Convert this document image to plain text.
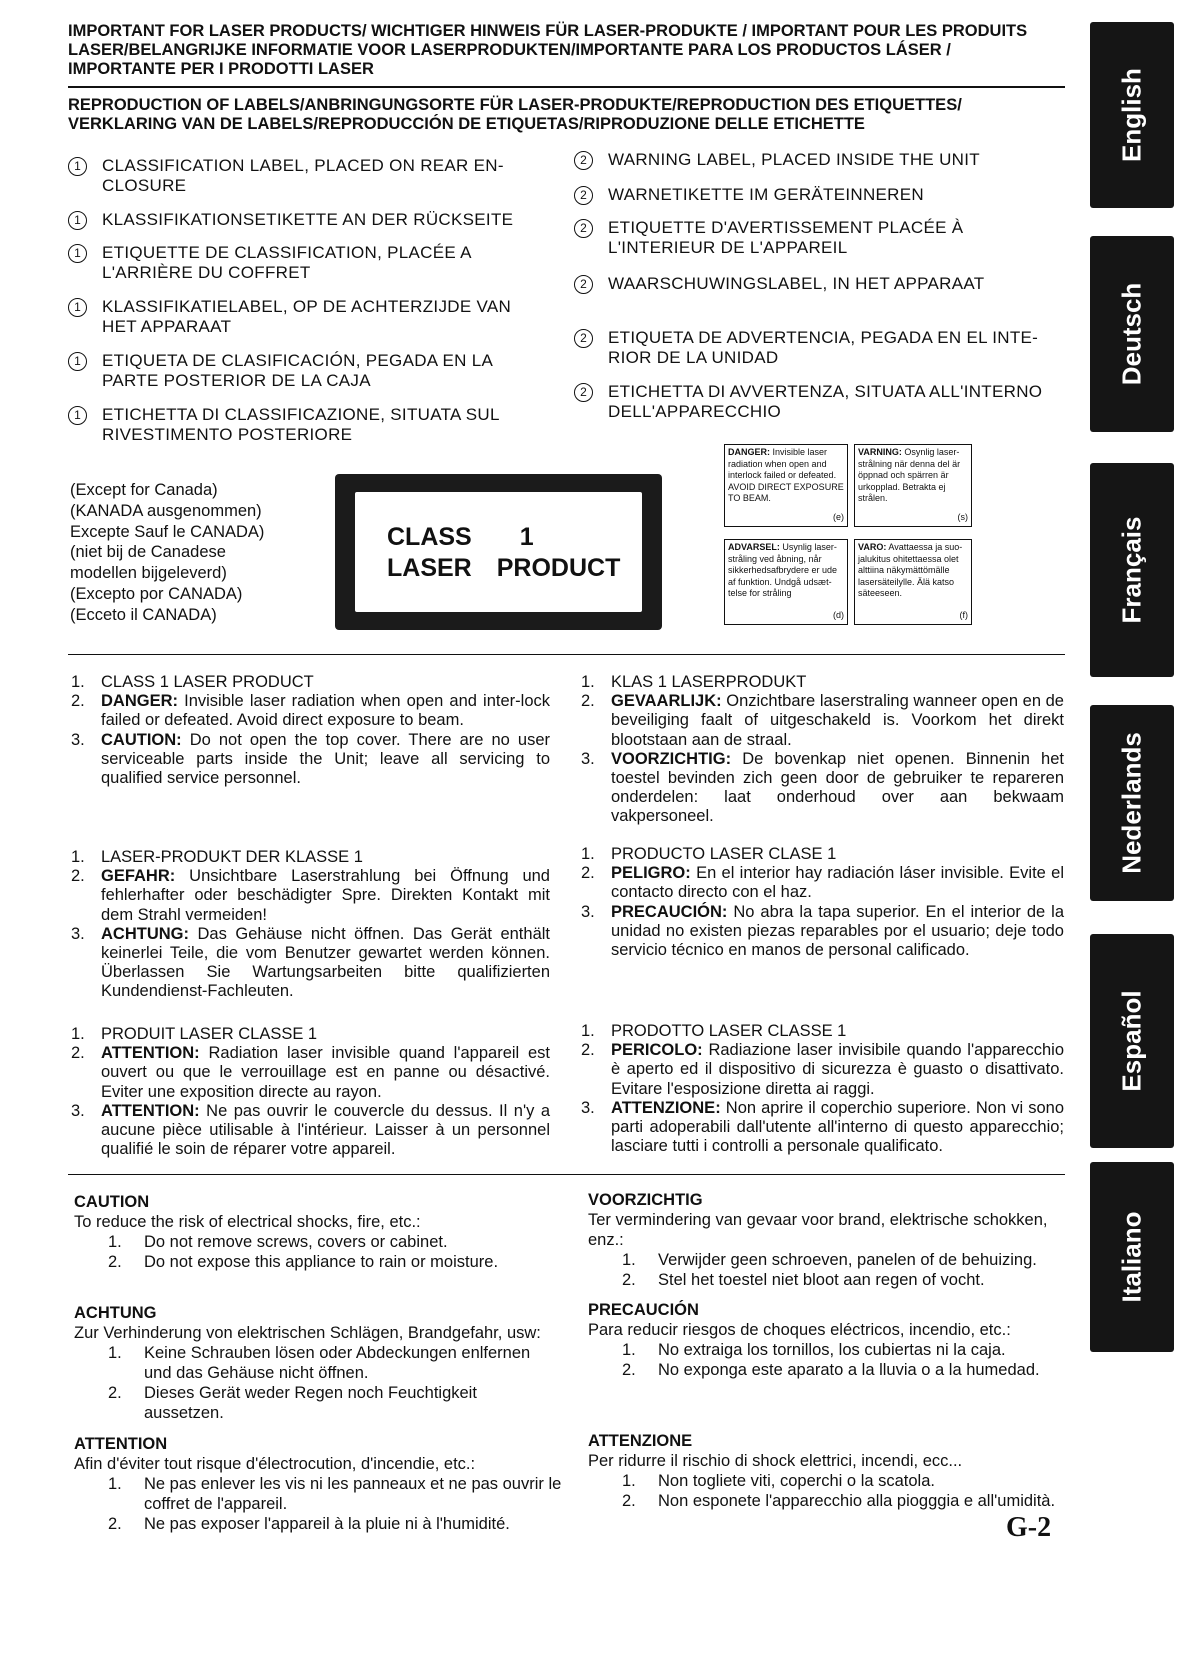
IMPORTANT FOR LASER PRODUCTS/ WICHTIGER HINWEIS FÜR LASER-PRODUKTE / IMPORTANT POUR LES PRODUITS LASER/BELANGRIJKE INFORMATIE VOOR LASERPRODUKTEN/IMPORTANTE PARA LOS PRODUCTOS LÁSER / IMPORTANTE PER I PRODOTTI LASER
REPRODUCTION OF LABELS/ANBRINGUNGSORTE FÜR LASER-PRODUKTE/REPRODUCTION DES ETIQUETTES/ VERKLARING VAN DE LABELS/REPRODUCCIÓN DE ETIQUETAS/RIPRODUZIONE DELLE ETICHETTE
1	CLASSIFICATION LABEL, PLACED ON REAR EN-CLOSURE
1	KLASSIFIKATIONSETIKETTE AN DER RÜCKSEITE
1	ETIQUETTE DE CLASSIFICATION, PLACÉE A L'ARRIÈRE DU COFFRET
1	KLASSIFIKATIELABEL, OP DE ACHTERZIJDE VAN HET APPARAAT
1	ETIQUETA DE CLASIFICACIÓN, PEGADA EN LA PARTE POSTERIOR DE LA CAJA
1	ETICHETTA DI CLASSIFICAZIONE, SITUATA SUL RIVESTIMENTO POSTERIORE
2	WARNING LABEL, PLACED INSIDE THE UNIT
2	WARNETIKETTE IM GERÄTEINNEREN
2	ETIQUETTE D'AVERTISSEMENT PLACÉE À L'INTERIEUR DE L'APPAREIL
2	WAARSCHUWINGSLABEL, IN HET APPARAAT
2	ETIQUETA DE ADVERTENCIA, PEGADA EN EL INTE-RIOR DE LA UNIDAD
2	ETICHETTA DI AVVERTENZA, SITUATA ALL'INTERNO DELL'APPARECCHIO
(Except for Canada)
(KANADA ausgenommen)
Excepte Sauf le CANADA)
(niet bij de Canadese
modellen bijgeleverd)
(Excepto por CANADA)
(Ecceto il CANADA)
CLASS 1
LASER PRODUCT
DANGER: Invisible laser radiation when open and interlock failed or defeated. AVOID DIRECT EXPOSURE TO BEAM.
(e)
VARNING: Osynlig laser-strålning när denna del är öppnad och spärren är urkopplad. Betrakta ej strålen.
(s)
ADVARSEL: Usynlig laser-stråling ved åbning, når sikkerhedsafbrydere er ude af funktion. Undgå udsæt-telse for stråling
(d)
VARO: Avattaessa ja suo-jalukitus ohitettaessa olet alttiina näkymättömälle lasersäteilylle. Älä katso säteeseen.
(f)
1. CLASS 1 LASER PRODUCT
2. DANGER: Invisible laser radiation when open and inter-lock failed or defeated. Avoid direct exposure to beam.
3. CAUTION: Do not open the top cover. There are no user serviceable parts inside the Unit; leave all servicing to qualified service personnel.
1. KLAS 1 LASERPRODUKT
2. GEVAARLIJK: Onzichtbare laserstraling wanneer open en de beveiliging faalt of uitgeschakeld is. Voorkom het direkt blootstaan aan de straal.
3. VOORZICHTIG: De bovenkap niet openen. Binnenin het toestel bevinden zich geen door de gebruiker te repareren onderdelen: laat onderhoud over aan bekwaam vakpersoneel.
1. LASER-PRODUKT DER KLASSE 1
2. GEFAHR: Unsichtbare Laserstrahlung bei Öffnung und fehlerhafter oder beschädigter Spre. Direkten Kontakt mit dem Strahl vermeiden!
3. ACHTUNG: Das Gehäuse nicht öffnen. Das Gerät enthält keinerlei Teile, die vom Benutzer gewartet werden können. Überlassen Sie Wartungsarbeiten bitte qualifizierten Kundendienst-Fachleuten.
1. PRODUCTO LASER CLASE 1
2. PELIGRO: En el interior hay radiación láser invisible. Evite el contacto directo con el haz.
3. PRECAUCIÓN: No abra la tapa superior. En el interior de la unidad no existen piezas reparables por el usuario; deje todo servicio técnico en manos de personal calificado.
1. PRODUIT LASER CLASSE 1
2. ATTENTION: Radiation laser invisible quand l'appareil est ouvert ou que le verrouillage est en panne ou désactivé. Eviter une exposition directe au rayon.
3. ATTENTION: Ne pas ouvrir le couvercle du dessus. Il n'y a aucune pièce utilisable à l'intérieur. Laisser à un personnel qualifié le soin de réparer votre appareil.
1. PRODOTTO LASER CLASSE 1
2. PERICOLO: Radiazione laser invisibile quando l'apparecchio è aperto ed il dispositivo di sicurezza è guasto o disattivato. Evitare l'esposizione diretta ai raggi.
3. ATTENZIONE: Non aprire il coperchio superiore. Non vi sono parti adoperabili dall'utente all'interno di questo apparecchio; lasciare tutti i controlli a personale qualificato.
CAUTION
To reduce the risk of electrical shocks, fire, etc.:
1. Do not remove screws, covers or cabinet.
2. Do not expose this appliance to rain or moisture.
VOORZICHTIG
Ter vermindering van gevaar voor brand, elektrische schokken, enz.:
1. Verwijder geen schroeven, panelen of de behuizing.
2. Stel het toestel niet bloot aan regen of vocht.
ACHTUNG
Zur Verhinderung von elektrischen Schlägen, Brandgefahr, usw:
1. Keine Schrauben lösen oder Abdeckungen enlfernen und das Gehäuse nicht öffnen.
2. Dieses Gerät weder Regen noch Feuchtigkeit aussetzen.
PRECAUCIÓN
Para reducir riesgos de choques eléctricos, incendio, etc.:
1. No extraiga los tornillos, los cubiertas ni la caja.
2. No exponga este aparato a la lluvia o a la humedad.
ATTENTION
Afin d'éviter tout risque d'électrocution, d'incendie, etc.:
1. Ne pas enlever les vis ni les panneaux et ne pas ouvrir le coffret de l'appareil.
2. Ne pas exposer l'appareil à la pluie ni à l'humidité.
ATTENZIONE
Per ridurre il rischio di shock elettrici, incendi, ecc...
1. Non togliete viti, coperchi o la scatola.
2. Non esponete l'apparecchio alla piogggia e all'umidità.
English
Deutsch
Français
Nederlands
Español
Italiano
G-2
